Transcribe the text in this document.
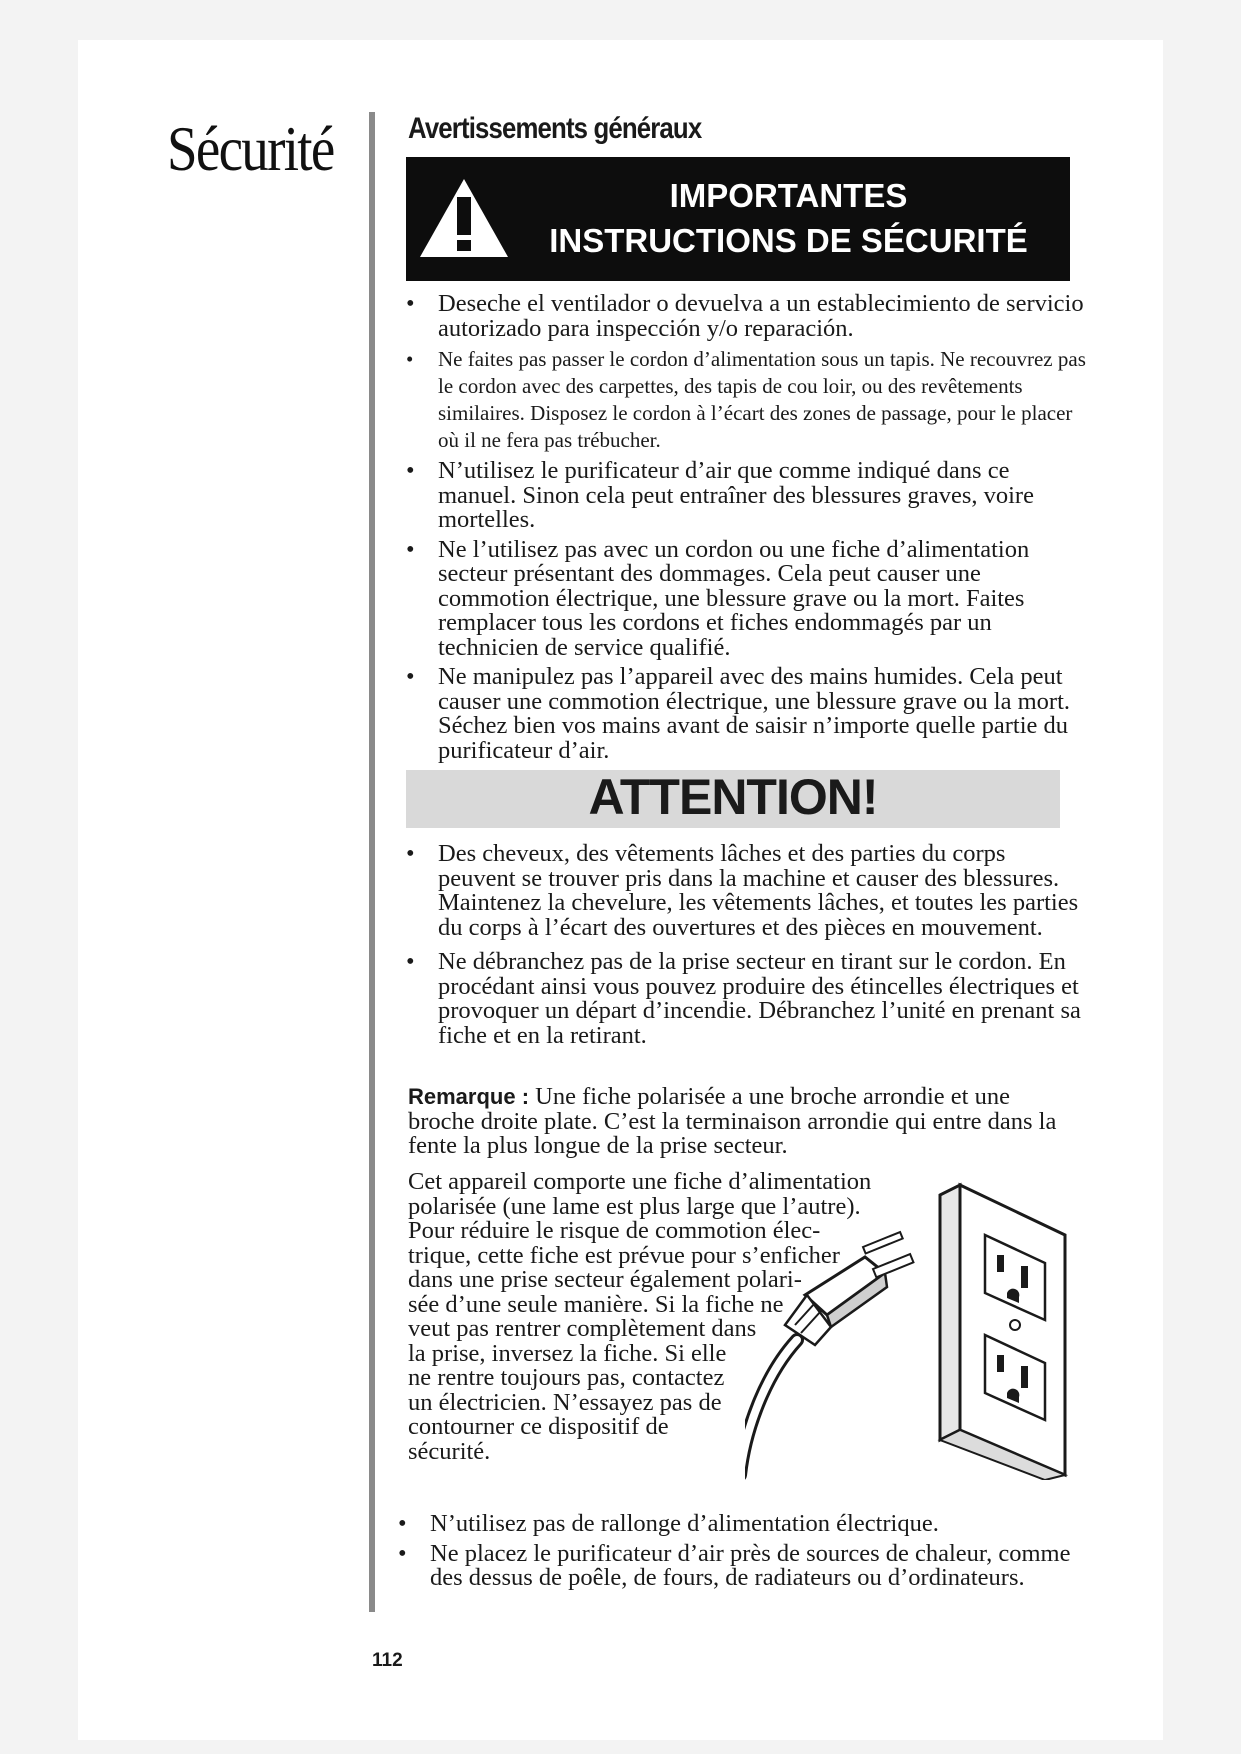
Sécurité Avertissements généraux
IMPORTANTES
INSTRUCTIONS DE SÉCURITÉ
• Deseche el ventilador o devuelva a un establecimiento de servicio autorizado para inspección y/o reparación.
• Ne faites pas passer le cordon d’alimentation sous un tapis. Ne recouvrez pas le cordon avec des carpettes, des tapis de cou loir, ou des revêtements similaires. Disposez le cordon à l’écart des zones de passage, pour le placer où il ne fera pas trébucher.
• N’utilisez le purificateur d’air que comme indiqué dans ce manuel. Sinon cela peut entraîner des blessures graves, voire mortelles.
• Ne l’utilisez pas avec un cordon ou une fiche d’alimentation secteur présentant des dommages. Cela peut causer une commotion électrique, une blessure grave ou la mort. Faites remplacer tous les cordons et fiches endommagés par un technicien de service qualifié.
• Ne manipulez pas l’appareil avec des mains humides. Cela peut causer une commotion électrique, une blessure grave ou la mort. Séchez bien vos mains avant de saisir n’importe quelle partie du purificateur d’air.
ATTENTION!
• Des cheveux, des vêtements lâches et des parties du corps peuvent se trouver pris dans la machine et causer des blessures. Maintenez la chevelure, les vêtements lâches, et toutes les parties du corps à l’écart des ouvertures et des pièces en mouvement.
• Ne débranchez pas de la prise secteur en tirant sur le cordon. En procédant ainsi vous pouvez produire des étincelles électriques et provoquer un départ d’incendie. Débranchez l’unité en prenant sa fiche et en la retirant.

Remarque : Une fiche polarisée a une broche arrondie et une broche droite plate. C’est la terminaison arrondie qui entre dans la fente la plus longue de la prise secteur.

Cet appareil comporte une fiche d’alimentation
polarisée (une lame est plus large que l’autre).
Pour réduire le risque de commotion élec-
trique, cette fiche est prévue pour s’enficher
dans une prise secteur également polari-
sée d’une seule manière. Si la fiche ne
veut pas rentrer complètement dans
la prise, inversez la fiche. Si elle
ne rentre toujours pas, contactez
un électricien. N’essayez pas de
contourner ce dispositif de
sécurité.
• N’utilisez pas de rallonge d’alimentation électrique.
• Ne placez le purificateur d’air près de sources de chaleur, comme des dessus de poêle, de fours, de radiateurs ou d’ordinateurs.
112
